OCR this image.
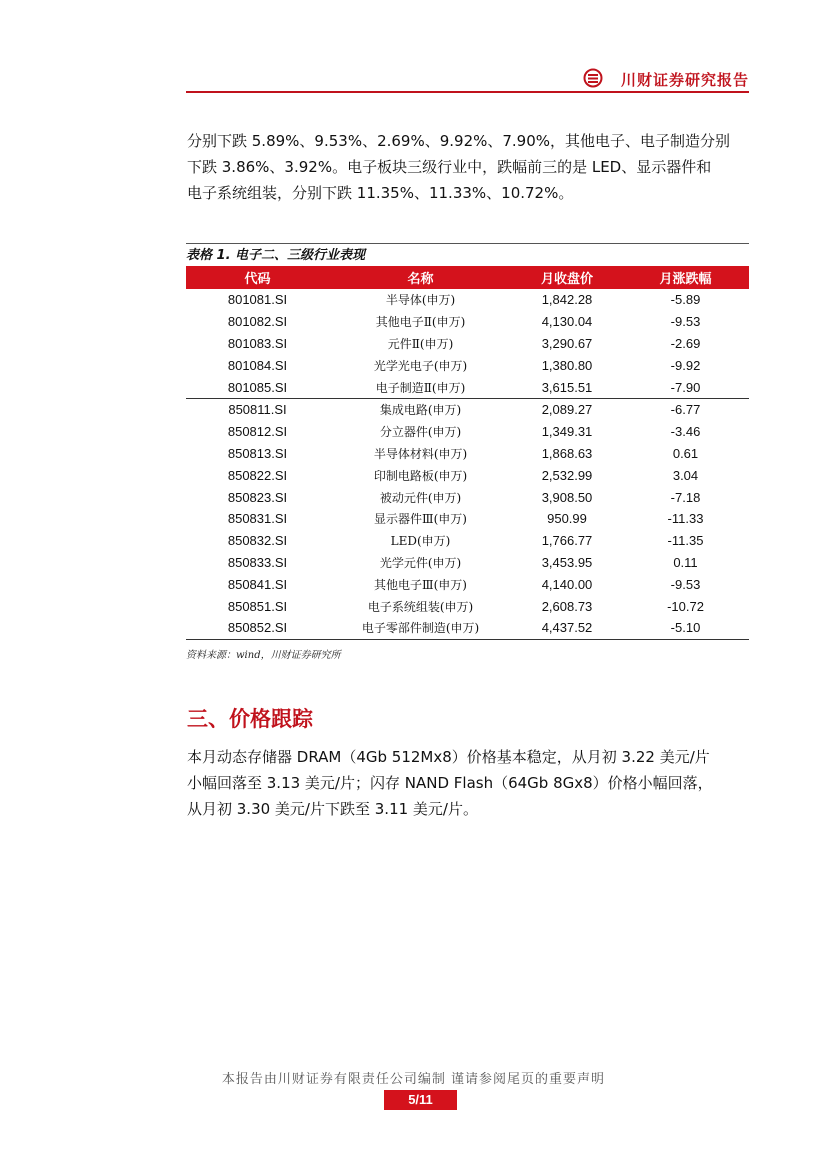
川财证券研究报告
分别下跌 5.89%、9.53%、2.69%、9.92%、7.90%，其他电子、电子制造分别
下跌 3.86%、3.92%。电子板块三级行业中，跌幅前三的是 LED、显示器件和
电子系统组装，分别下跌 11.35%、11.33%、10.72%。
表格 1. 电子二、三级行业表现
代码	名称	月收盘价	月涨跌幅
801081.SI	半导体(申万)	1,842.28	-5.89
801082.SI	其他电子Ⅱ(申万)	4,130.04	-9.53
801083.SI	元件Ⅱ(申万)	3,290.67	-2.69
801084.SI	光学光电子(申万)	1,380.80	-9.92
801085.SI	电子制造Ⅱ(申万)	3,615.51	-7.90
850811.SI	集成电路(申万)	2,089.27	-6.77
850812.SI	分立器件(申万)	1,349.31	-3.46
850813.SI	半导体材料(申万)	1,868.63	0.61
850822.SI	印制电路板(申万)	2,532.99	3.04
850823.SI	被动元件(申万)	3,908.50	-7.18
850831.SI	显示器件Ⅲ(申万)	950.99	-11.33
850832.SI	LED(申万)	1,766.77	-11.35
850833.SI	光学元件(申万)	3,453.95	0.11
850841.SI	其他电子Ⅲ(申万)	4,140.00	-9.53
850851.SI	电子系统组装(申万)	2,608.73	-10.72
850852.SI	电子零部件制造(申万)	4,437.52	-5.10
资料来源：wind，川财证券研究所
三、价格跟踪
本月动态存储器 DRAM（4Gb 512Mx8）价格基本稳定，从月初 3.22 美元/片
小幅回落至 3.13 美元/片；闪存 NAND Flash（64Gb 8Gx8）价格小幅回落，
从月初 3.30 美元/片下跌至 3.11 美元/片。
本报告由川财证券有限责任公司编制 谨请参阅尾页的重要声明
5/11
